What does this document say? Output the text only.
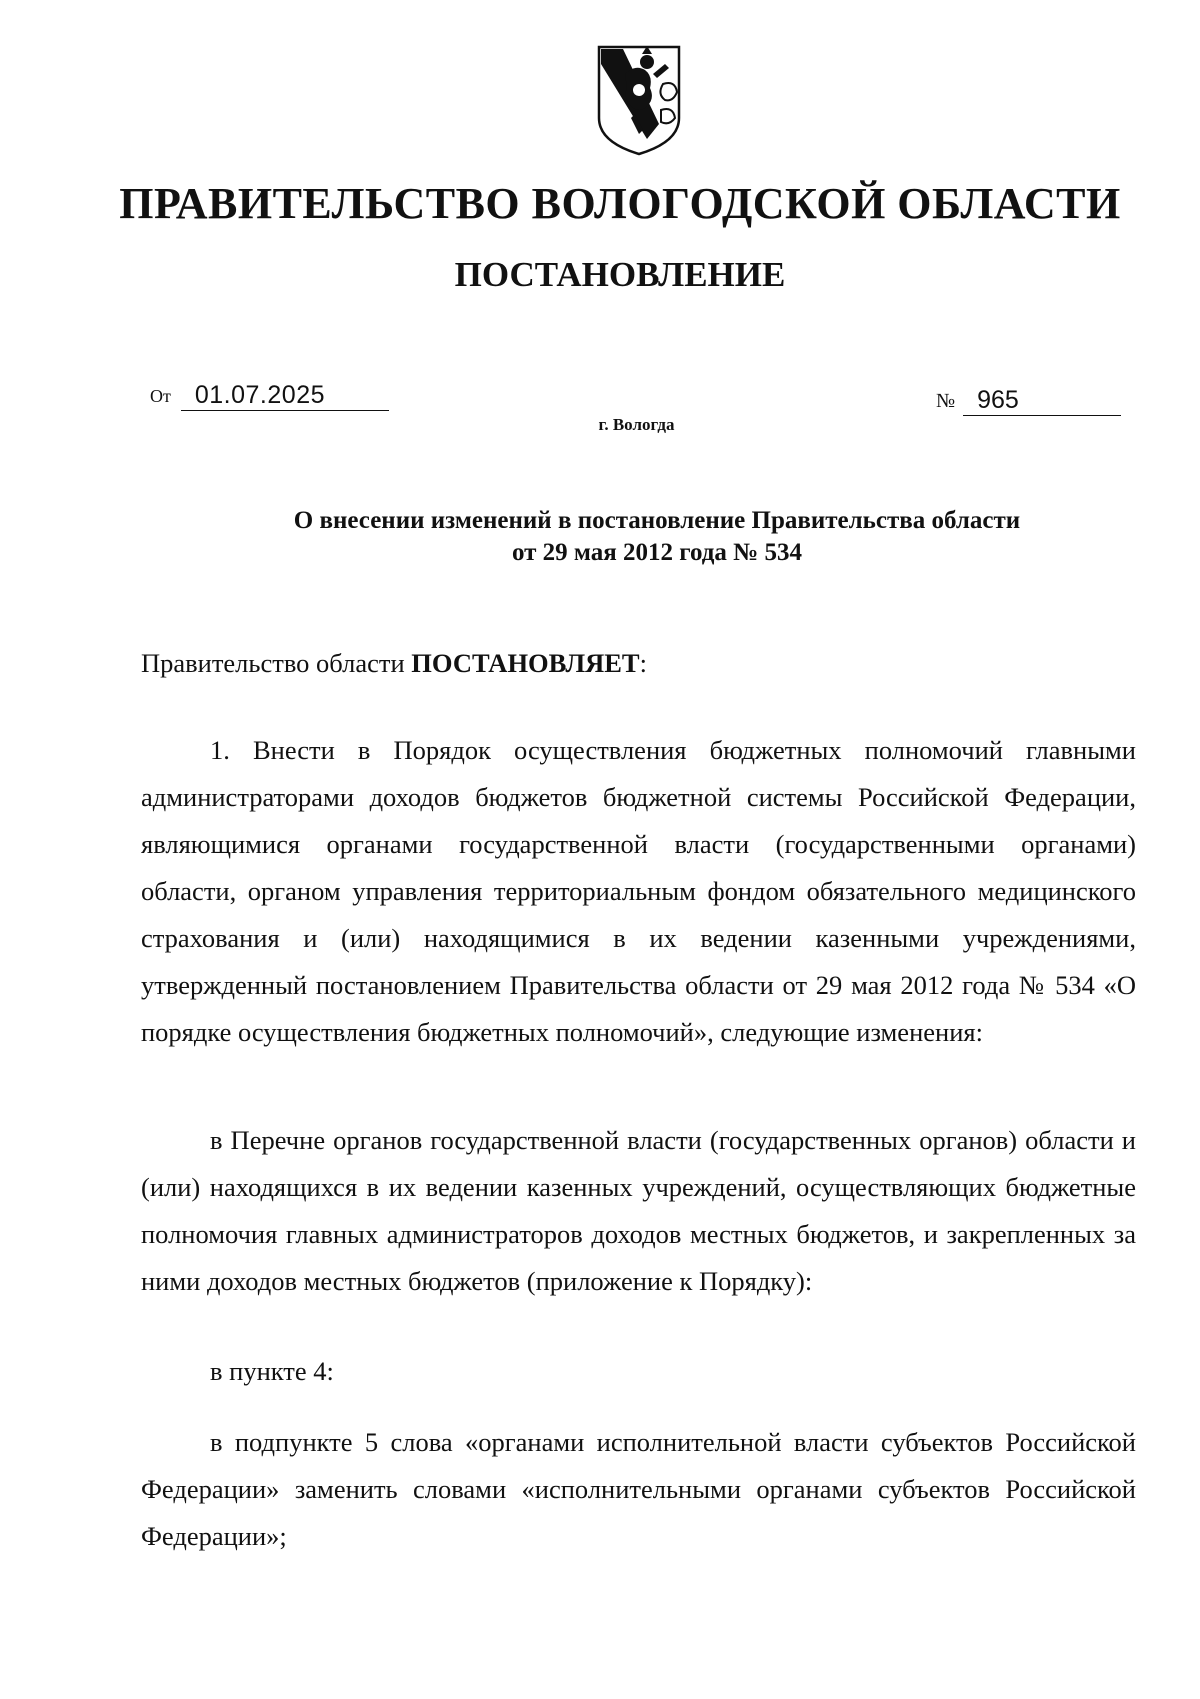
ПРАВИТЕЛЬСТВО ВОЛОГОДСКОЙ ОБЛАСТИ
ПОСТАНОВЛЕНИЕ
От 01.07.2025	№ 965
г. Вологда
О внесении изменений в постановление Правительства области
от 29 мая 2012 года № 534
Правительство области ПОСТАНОВЛЯЕТ:

1. Внести в Порядок осуществления бюджетных полномочий главными администраторами доходов бюджетов бюджетной системы Российской Федерации, являющимися органами государственной власти (государственными органами) области, органом управления территориальным фондом обязательного медицинского страхования и (или) находящимися в их ведении казенными учреждениями, утвержденный постановлением Правительства области от 29 мая 2012 года № 534 «О порядке осуществления бюджетных полномочий», следующие изменения:

в Перечне органов государственной власти (государственных органов) области и (или) находящихся в их ведении казенных учреждений, осуществляющих бюджетные полномочия главных администраторов доходов местных бюджетов, и закрепленных за ними доходов местных бюджетов (приложение к Порядку):

в пункте 4:

в подпункте 5 слова «органами исполнительной власти субъектов Российской Федерации» заменить словами «исполнительными органами субъектов Российской Федерации»;
